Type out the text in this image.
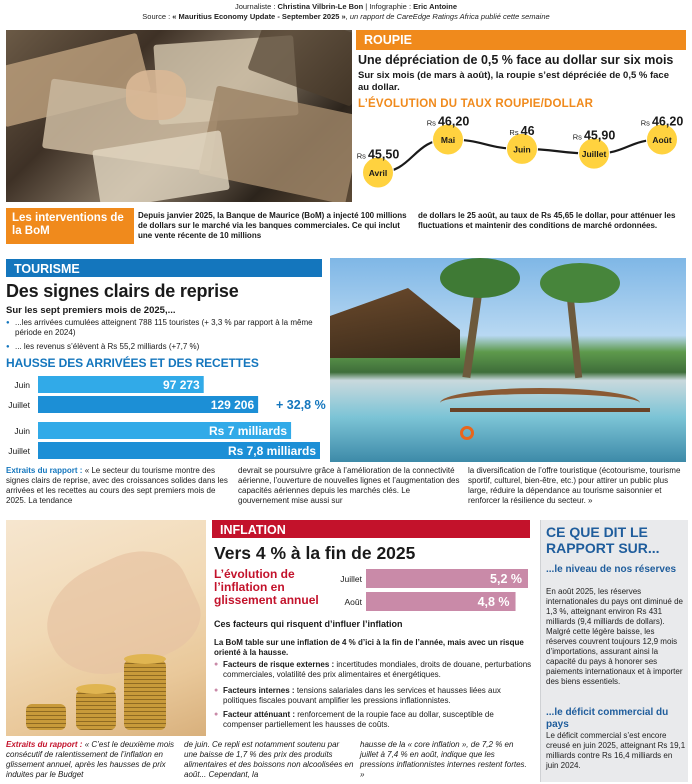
Journaliste : Christina Vilbrin-Le Bon | Infographie : Eric Antoine
Source : « Mauritius Economy Update - September 2025 », un rapport de CareEdge Ratings Africa publié cette semaine
ROUPIE
Une dépréciation de 0,5 % face au dollar sur six mois
Sur six mois (de mars à août), la roupie s’est dépréciée de 0,5 % face au dollar.
L’ÉVOLUTION DU TAUX ROUPIE/DOLLAR
Avril
Rs 45,50
Mai
Rs 46,20
Juin
Rs 46
Juillet
Rs 45,90	Août
Rs 46,20
Les interventions de la BoM
Depuis janvier 2025, la Banque de Maurice (BoM) a injecté 100 millions de dollars sur le marché via les banques commerciales. Ce qui inclut une vente récente de 10 millions
de dollars le 25 août, au taux de Rs 45,65 le dollar, pour atténuer les fluctuations et maintenir des conditions de marché ordonnées.
TOURISME
Des signes clairs de reprise
Sur les sept premiers mois de 2025,...
● ...les arrivées cumulées atteignent 788 115 touristes (+ 3,3 % par rapport à la même période en 2024)
● ... les revenus s’élèvent à Rs 55,2 milliards (+7,7 %)
HAUSSE DES ARRIVÉES ET DES RECETTES
Juin	97 273
Juillet	129 206
Juin	Rs 7 milliards
Juillet	Rs 7,8 milliards
+ 32,8 %
Extraits du rapport : « Le secteur du tourisme montre des signes clairs de reprise, avec des croissances solides dans les arrivées et les recettes au cours des sept premiers mois de 2025. La tendance
devrait se poursuivre grâce à l’amélioration de la connectivité aérienne, l’ouverture de nouvelles lignes et l’augmentation des capacités aériennes depuis les marchés clés. Le gouvernement mise aussi sur
la diversification de l’offre touristique (écotourisme, tourisme sportif, culturel, bien-être, etc.) pour attirer un public plus large, réduire la dépendance au tourisme saisonnier et renforcer la résilience du secteur. »
INFLATION
Vers 4 % à la fin de 2025
L’évolution de l’inflation en glissement annuel
Juillet	5,2 %
Août	4,8 %
Ces facteurs qui risquent d’influer l’inflation
La BoM table sur une inflation de 4 % d’ici à la fin de l’année, mais avec un risque orienté à la hausse.
● Facteurs de risque externes : incertitudes mondiales, droits de douane, perturbations commerciales, volatilité des prix alimentaires et énergétiques.
● Facteurs internes : tensions salariales dans les services et hausses liées aux politiques fiscales pouvant amplifier les pressions inflationnistes.
● Facteur atténuant : renforcement de la roupie face au dollar, susceptible de compenser partiellement les hausses de coûts.
Extraits du rapport : « C’est le deuxième mois consécutif de ralentissement de l’inflation en glissement annuel, après les hausses de prix induites par le Budget
de juin. Ce repli est notamment soutenu par une baisse de 1,7 % des prix des produits alimentaires et des boissons non alcoolisées en août... Cependant, la
hausse de la « core inflation », de 7,2 % en juillet à 7,4 % en août, indique que les pressions inflationnistes internes restent fortes. »
CE QUE DIT LE RAPPORT SUR...
...le niveau de nos réserves
En août 2025, les réserves internationales du pays ont diminué de 1,3 %, atteignant environ Rs 431 milliards (9,4 milliards de dollars). Malgré cette légère baisse, les réserves couvrent toujours 12,9 mois d’importations, assurant ainsi la capacité du pays à honorer ses paiements internationaux et à importer des biens essentiels.
...le déficit commercial du pays
Le déficit commercial s’est encore creusé en juin 2025, atteignant Rs 19,1 milliards contre Rs 16,4 milliards en juin 2024.
